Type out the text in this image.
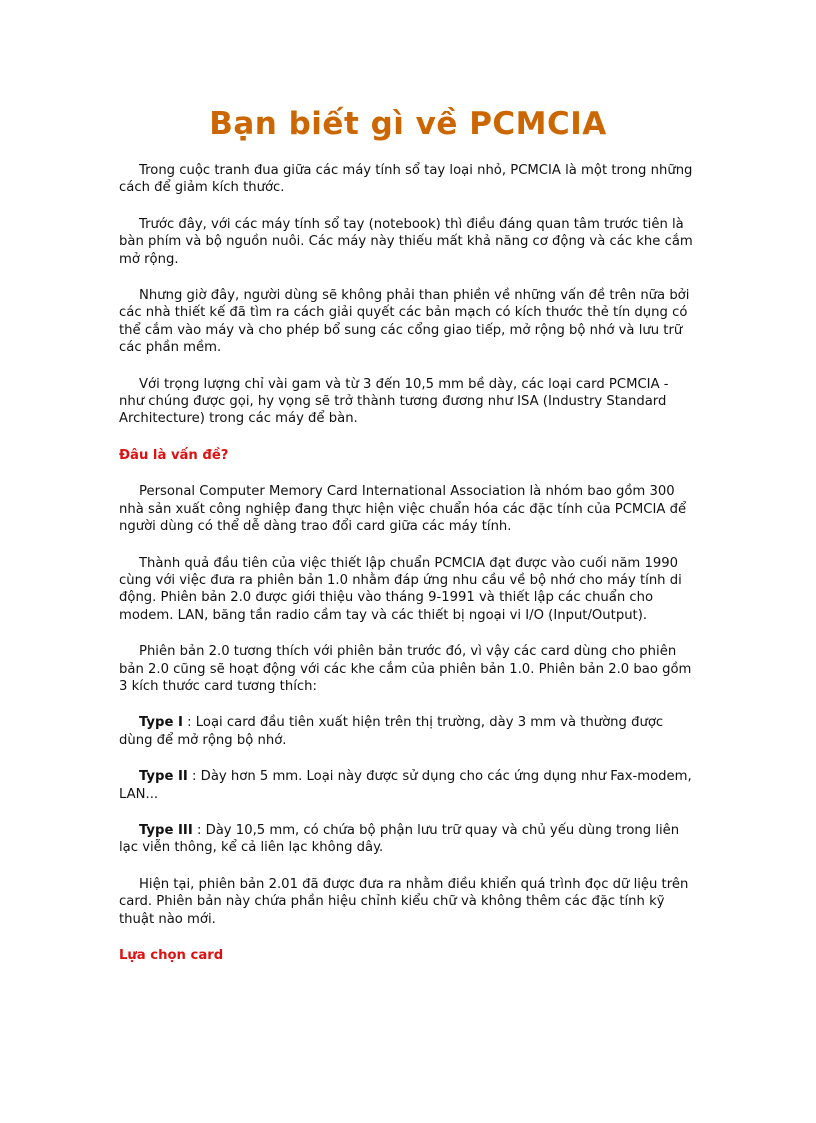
Bạn biết gì về PCMCIA

Trong cuộc tranh đua giữa các máy tính sổ tay loại nhỏ, PCMCIA là một trong những cách để giảm kích thước.

Trước đây, với các máy tính sổ tay (notebook) thì điều đáng quan tâm trước tiên là bàn phím và bộ nguồn nuôi. Các máy này thiếu mất khả năng cơ động và các khe cắm mở rộng.

Nhưng giờ đây, người dùng sẽ không phải than phiền về những vấn đề trên nữa bởi các nhà thiết kế đã tìm ra cách giải quyết các bản mạch có kích thước thẻ tín dụng có thể cắm vào máy và cho phép bổ sung các cổng giao tiếp, mở rộng bộ nhớ và lưu trữ các phần mềm.

Với trọng lượng chỉ vài gam và từ 3 đến 10,5 mm bề dày, các loại card PCMCIA - như chúng được gọi, hy vọng sẽ trở thành tương đương như ISA (Industry Standard Architecture) trong các máy để bàn.

Đâu là vấn đề?

Personal Computer Memory Card International Association là nhóm bao gồm 300 nhà sản xuất công nghiệp đang thực hiện việc chuẩn hóa các đặc tính của PCMCIA để người dùng có thể dễ dàng trao đổi card giữa các máy tính.

Thành quả đầu tiên của việc thiết lập chuẩn PCMCIA đạt được vào cuối năm 1990 cùng với việc đưa ra phiên bản 1.0 nhằm đáp ứng nhu cầu về bộ nhớ cho máy tính di động. Phiên bản 2.0 được giới thiệu vào tháng 9-1991 và thiết lập các chuẩn cho modem. LAN, băng tần radio cầm tay và các thiết bị ngoại vi I/O (Input/Output).

Phiên bản 2.0 tương thích với phiên bản trước đó, vì vậy các card dùng cho phiên bản 2.0 cũng sẽ hoạt động với các khe cắm của phiên bản 1.0. Phiên bản 2.0 bao gồm 3 kích thước card tương thích:

Type I : Loại card đầu tiên xuất hiện trên thị trường, dày 3 mm và thường được dùng để mở rộng bộ nhớ.

Type II : Dày hơn 5 mm. Loại này được sử dụng cho các ứng dụng như Fax-modem, LAN...

Type III : Dày 10,5 mm, có chứa bộ phận lưu trữ quay và chủ yếu dùng trong liên lạc viễn thông, kể cả liên lạc không dây.

Hiện tại, phiên bản 2.01 đã được đưa ra nhằm điều khiển quá trình đọc dữ liệu trên card. Phiên bản này chứa phần hiệu chỉnh kiểu chữ và không thêm các đặc tính kỹ thuật nào mới.

Lựa chọn card
